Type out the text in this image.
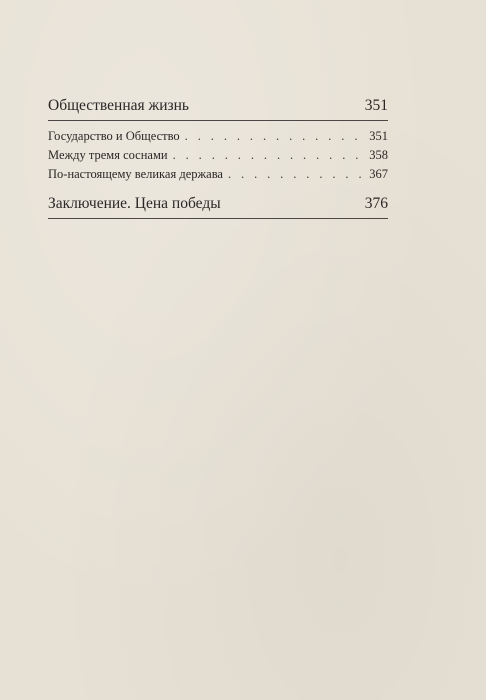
Общественная жизнь	351
Государство и Общество . . .	351
Между тремя соснами . . .	358
По-настоящему великая держава . . .	367
Заключение. Цена победы	376
